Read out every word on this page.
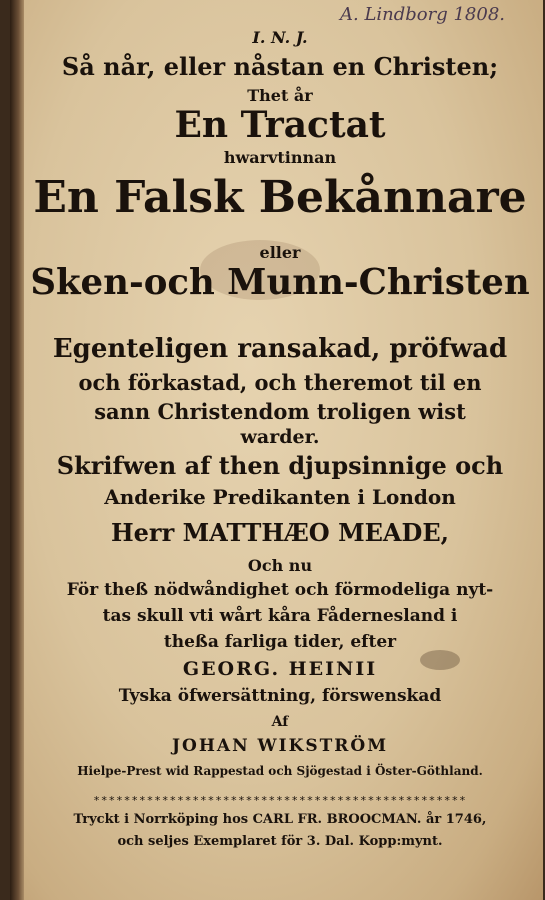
A. Lindborg 1808.
I. N. J.
Så når, eller nåstan en Christen;
Thet år
En Tractat
hwarvtinnan
En Falsk Bekånnare
eller
Sken-och Munn-Christen
Egenteligen ransakad, pröfwad
och förkastad, och theremot til en
sann Christendom troligen wist
warder.
Skrifwen af then djupsinnige och
Anderike Predikanten i London
Herr MATTHÆO MEADE,
Och nu
För theß nödwåndighet och förmodeliga nyt-
tas skull vti wårt kåra Fådernesland i
theßa farliga tider, efter
GEORG. HEINII
Tyska öfwersättning, förswenskad
Af
JOHAN WIKSTRÖM
Hielpe-Prest wid Rappestad och Sjögestad i Öster-Göthland.
*************************************************
Tryckt i Norrköping hos CARL FR. BROOCMAN. år 1746,
och seljes Exemplaret för 3. Dal. Kopp:mynt.
